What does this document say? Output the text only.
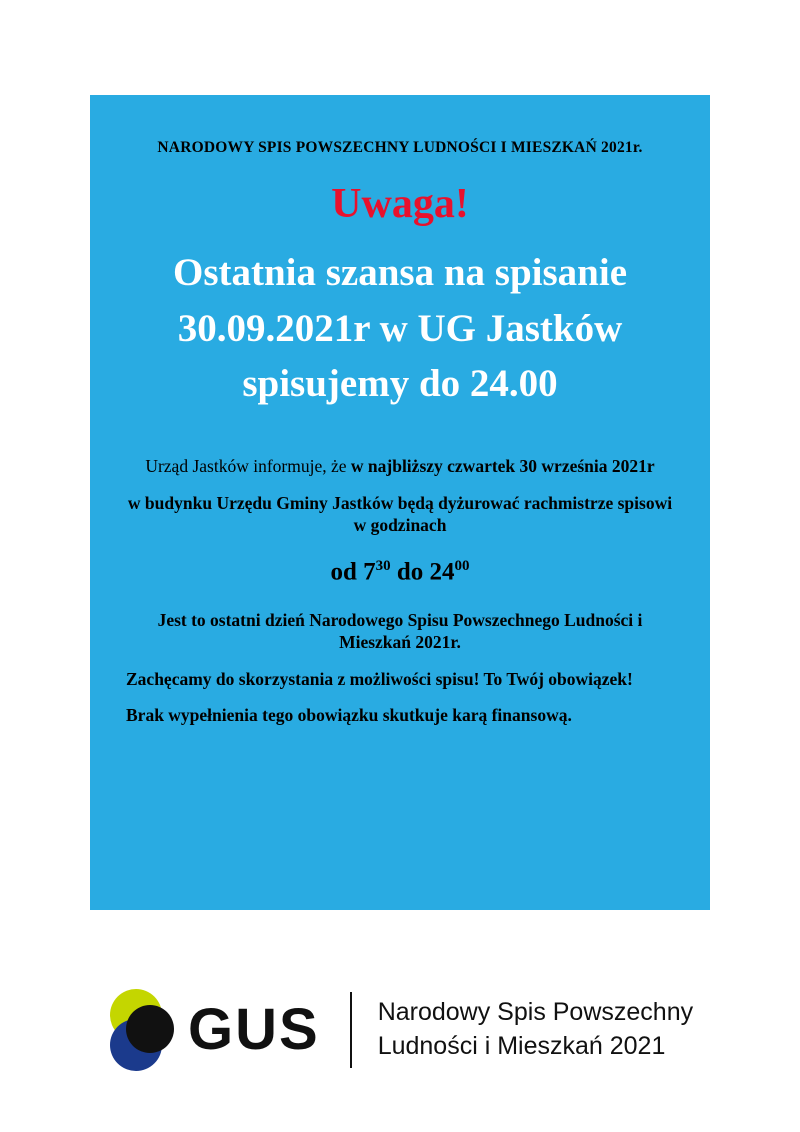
NARODOWY SPIS POWSZECHNY LUDNOŚCI I MIESZKAŃ 2021r.
Uwaga!
Ostatnia szansa na spisanie
30.09.2021r w UG Jastków
spisujemy do 24.00
Urząd Jastków informuje, że w najbliższy czwartek 30 września 2021r
w budynku Urzędu Gminy Jastków będą dyżurować rachmistrze spisowi w godzinach
od $7^{30}$ do $24^{00}$
Jest to ostatni dzień Narodowego Spisu Powszechnego Ludności i Mieszkań 2021r.
Zachęcamy do skorzystania z możliwości spisu! To Twój obowiązek!
Brak wypełnienia tego obowiązku skutkuje karą finansową.
GUS Narodowy Spis Powszechny
Ludności i Mieszkań 2021
